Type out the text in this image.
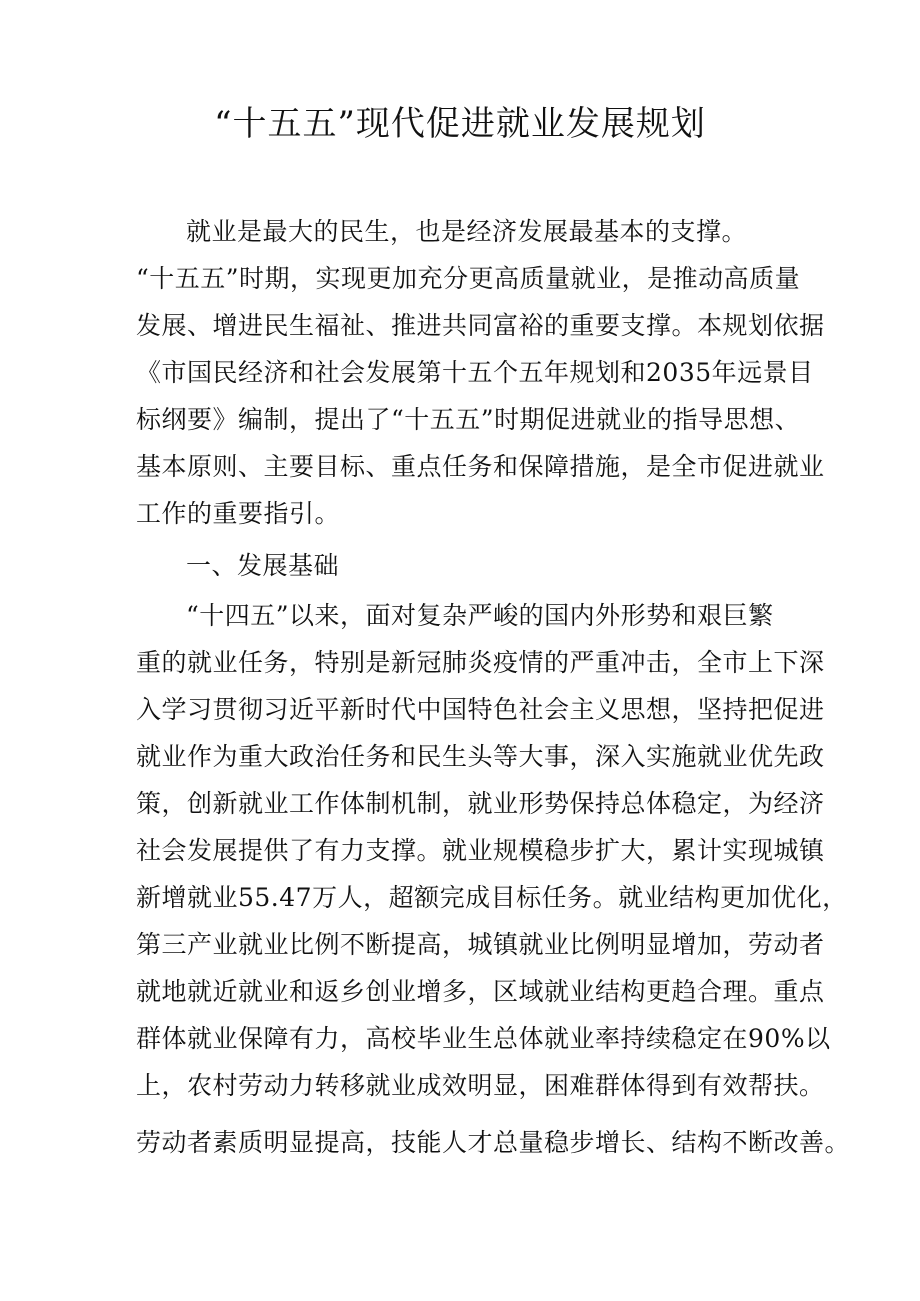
“十五五”现代促进就业发展规划
就业是最大的民生，也是经济发展最基本的支撑。
“十五五”时期，实现更加充分更高质量就业，是推动高质量
发展、增进民生福祉、推进共同富裕的重要支撑。本规划依据
《市国民经济和社会发展第十五个五年规划和2035年远景目
标纲要》编制，提出了“十五五”时期促进就业的指导思想、
基本原则、主要目标、重点任务和保障措施，是全市促进就业
工作的重要指引。
一、发展基础
“十四五”以来，面对复杂严峻的国内外形势和艰巨繁
重的就业任务，特别是新冠肺炎疫情的严重冲击，全市上下深
入学习贯彻习近平新时代中国特色社会主义思想，坚持把促进
就业作为重大政治任务和民生头等大事，深入实施就业优先政
策，创新就业工作体制机制，就业形势保持总体稳定，为经济
社会发展提供了有力支撑。就业规模稳步扩大，累计实现城镇
新增就业55.47万人，超额完成目标任务。就业结构更加优化，
第三产业就业比例不断提高，城镇就业比例明显增加，劳动者
就地就近就业和返乡创业增多，区域就业结构更趋合理。重点
群体就业保障有力，高校毕业生总体就业率持续稳定在90%以
上，农村劳动力转移就业成效明显，困难群体得到有效帮扶。
劳动者素质明显提高，技能人才总量稳步增长、结构不断改善。
